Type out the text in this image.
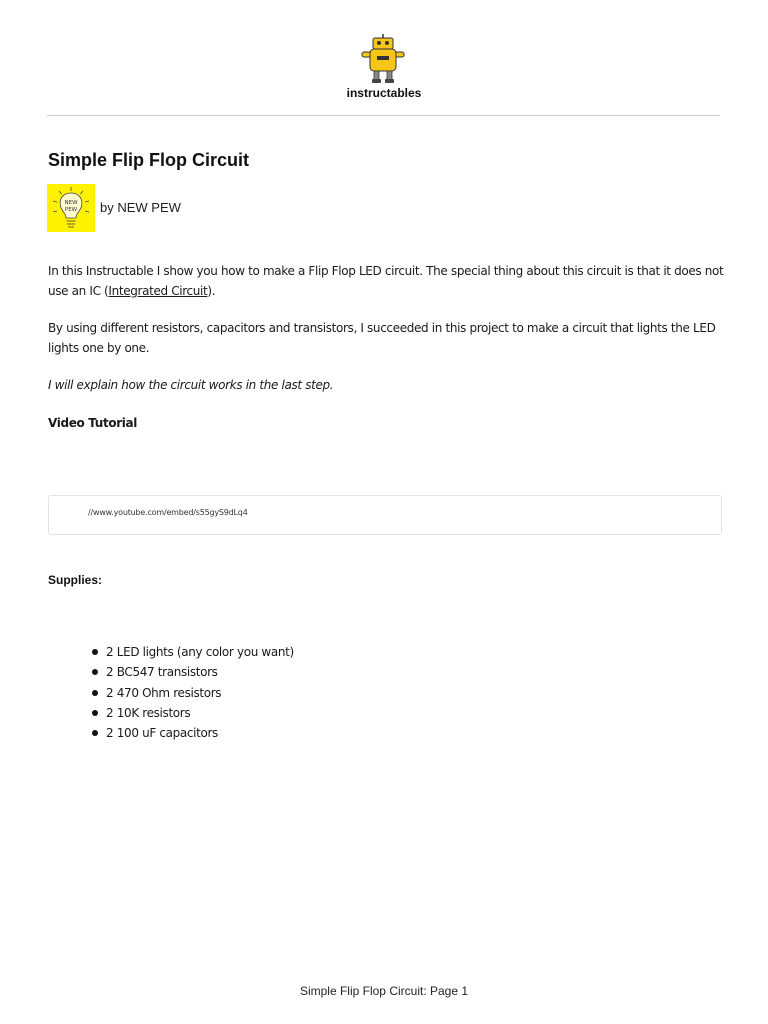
instructables
Simple Flip Flop Circuit
NEW
PEW by NEW PEW

In this Instructable I show you how to make a Flip Flop LED circuit. The special thing about this circuit is that it does not use an IC (Integrated Circuit).

By using different resistors, capacitors and transistors, I succeeded in this project to make a circuit that lights the LED lights one by one.

I will explain how the circuit works in the last step.

Video Tutorial

//www.youtube.com/embed/s55gyS9dLq4
Supplies:
2 LED lights (any color you want)
2 BC547 transistors
2 470 Ohm resistors
2 10K resistors
2 100 uF capacitors
Simple Flip Flop Circuit: Page 1
